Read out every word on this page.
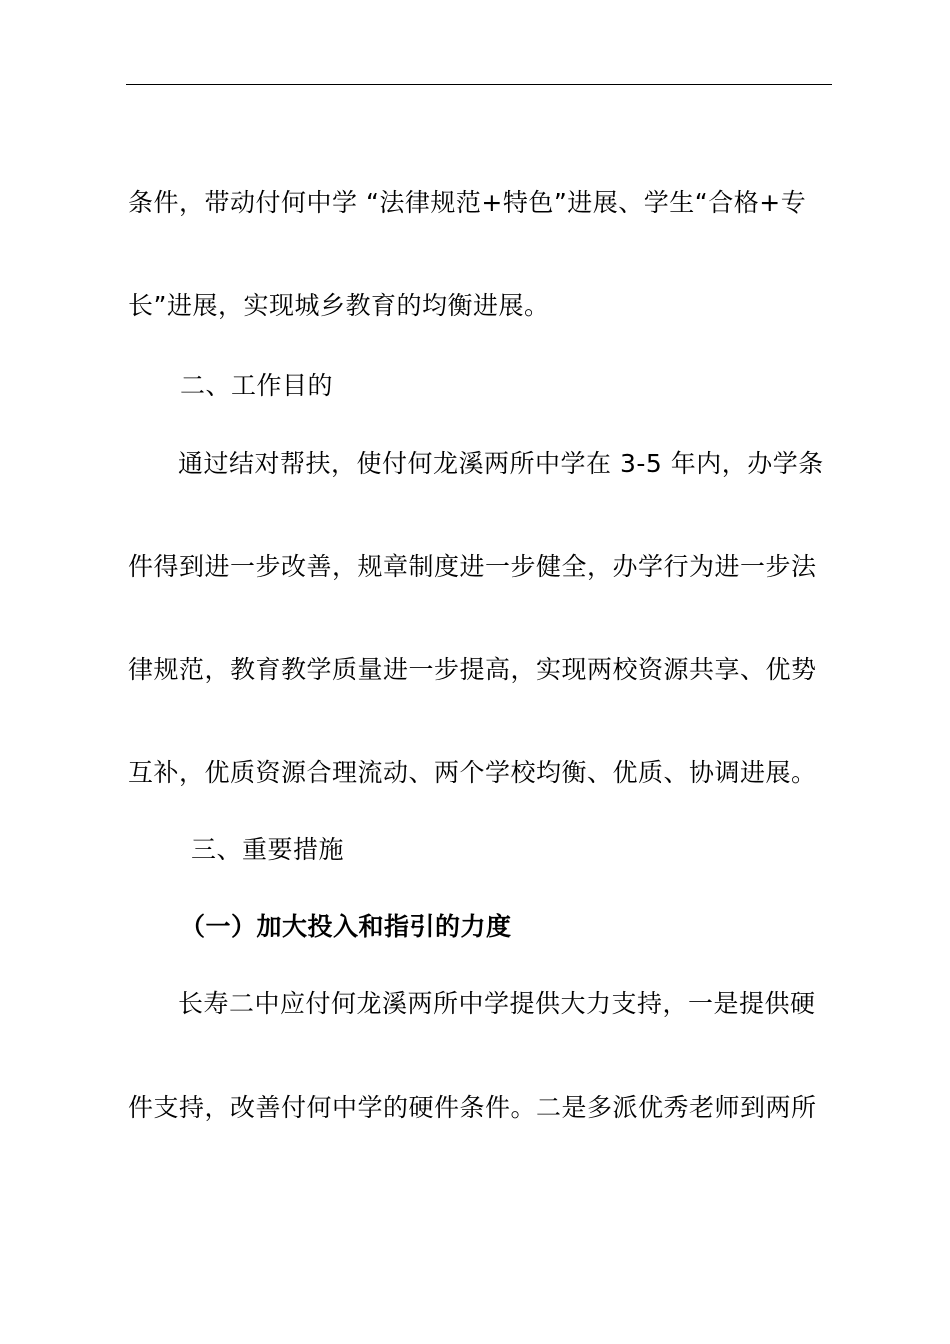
条件，带动付何中学 “法律规范+特色”进展、学生“合格+专
长”进展，实现城乡教育的均衡进展。
二、工作目的
通过结对帮扶，使付何龙溪两所中学在 3-5 年内，办学条
件得到进一步改善，规章制度进一步健全，办学行为进一步法
律规范，教育教学质量进一步提高，实现两校资源共享、优势
互补，优质资源合理流动、两个学校均衡、优质、协调进展。
三、重要措施
（一）加大投入和指引的力度
长寿二中应付何龙溪两所中学提供大力支持，一是提供硬
件支持，改善付何中学的硬件条件。二是多派优秀老师到两所
